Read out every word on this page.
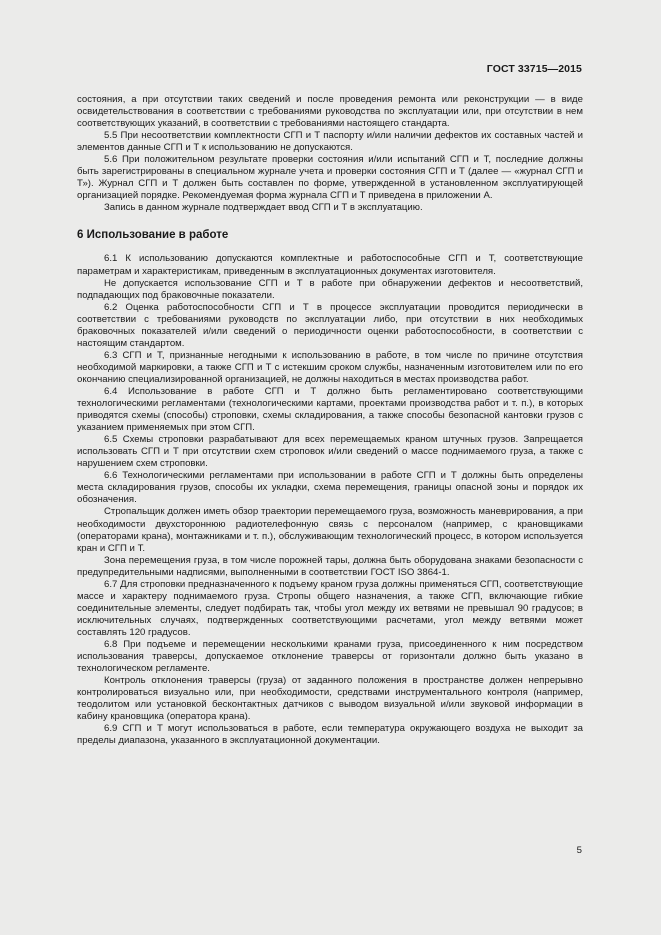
ГОСТ 33715—2015

состояния, а при отсутствии таких сведений и после проведения ремонта или реконструкции — в виде освидетельствования в соответствии с требованиями руководства по эксплуатации или, при отсутствии в нем соответствующих указаний, в соответствии с требованиями настоящего стандарта.

5.5 При несоответствии комплектности СГП и Т паспорту и/или наличии дефектов их составных частей и элементов данные СГП и Т к использованию не допускаются.

5.6 При положительном результате проверки состояния и/или испытаний СГП и Т, последние должны быть зарегистрированы в специальном журнале учета и проверки состояния СГП и Т (далее — «журнал СГП и Т»). Журнал СГП и Т должен быть составлен по форме, утвержденной в установленном эксплуатирующей организацией порядке. Рекомендуемая форма журнала СГП и Т приведена в приложении А.

Запись в данном журнале подтверждает ввод СГП и Т в эксплуатацию.

6 Использование в работе

6.1 К использованию допускаются комплектные и работоспособные СГП и Т, соответствующие параметрам и характеристикам, приведенным в эксплуатационных документах изготовителя.

Не допускается использование СГП и Т в работе при обнаружении дефектов и несоответствий, подпадающих под браковочные показатели.

6.2 Оценка работоспособности СГП и Т в процессе эксплуатации проводится периодически в соответствии с требованиями руководств по эксплуатации либо, при отсутствии в них необходимых браковочных показателей и/или сведений о периодичности оценки работоспособности, в соответствии с настоящим стандартом.

6.3 СГП и Т, признанные негодными к использованию в работе, в том числе по причине отсутствия необходимой маркировки, а также СГП и Т с истекшим сроком службы, назначенным изготовителем или по его окончанию специализированной организацией, не должны находиться в местах производства работ.

6.4 Использование в работе СГП и Т должно быть регламентировано соответствующими технологическими регламентами (технологическими картами, проектами производства работ и т. п.), в которых приводятся схемы (способы) строповки, схемы складирования, а также способы безопасной кантовки грузов с указанием применяемых при этом СГП.

6.5 Схемы строповки разрабатывают для всех перемещаемых краном штучных грузов. Запрещается использовать СГП и Т при отсутствии схем строповок и/или сведений о массе поднимаемого груза, а также с нарушением схем строповки.

6.6 Технологическими регламентами при использовании в работе СГП и Т должны быть определены места складирования грузов, способы их укладки, схема перемещения, границы опасной зоны и порядок их обозначения.

Стропальщик должен иметь обзор траектории перемещаемого груза, возможность маневрирования, а при необходимости двухстороннюю радиотелефонную связь с персоналом (например, с крановщиками (операторами крана), монтажниками и т. п.), обслуживающим технологический процесс, в котором используется кран и СГП и Т.

Зона перемещения груза, в том числе порожней тары, должна быть оборудована знаками безопасности с предупредительными надписями, выполненными в соответствии ГОСТ ISO 3864-1.

6.7 Для строповки предназначенного к подъему краном груза должны применяться СГП, соответствующие массе и характеру поднимаемого груза. Стропы общего назначения, а также СГП, включающие гибкие соединительные элементы, следует подбирать так, чтобы угол между их ветвями не превышал 90 градусов; в исключительных случаях, подтвержденных соответствующими расчетами, угол между ветвями может составлять 120 градусов.

6.8 При подъеме и перемещении несколькими кранами груза, присоединенного к ним посредством использования траверсы, допускаемое отклонение траверсы от горизонтали должно быть указано в технологическом регламенте.

Контроль отклонения траверсы (груза) от заданного положения в пространстве должен непрерывно контролироваться визуально или, при необходимости, средствами инструментального контроля (например, теодолитом или установкой бесконтактных датчиков с выводом визуальной и/или звуковой информации в кабину крановщика (оператора крана).

6.9 СГП и Т могут использоваться в работе, если температура окружающего воздуха не выходит за пределы диапазона, указанного в эксплуатационной документации.

5
